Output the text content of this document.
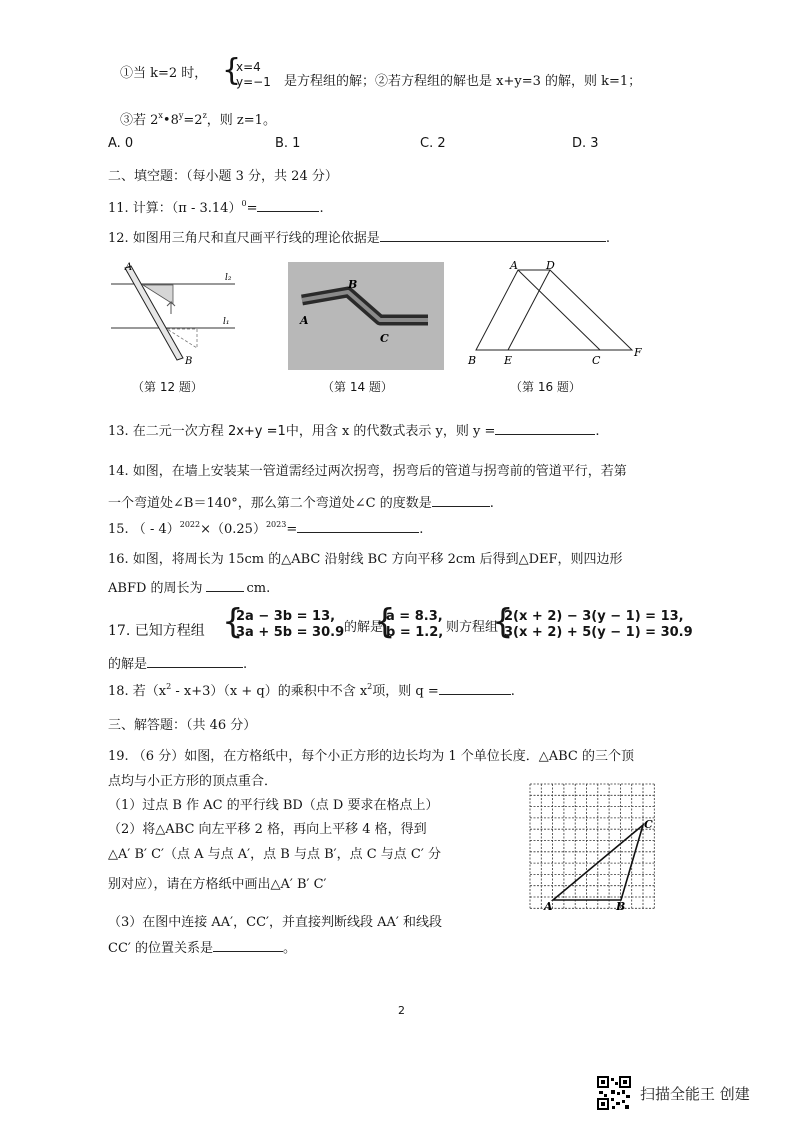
①当 k=2 时， {
x=4
y=−1 是方程组的解；②若方程组的解也是 x+y=3 的解，则 k=1；
③若 $2^x•8^y=2^z$，则 z=1。
A. 0	B. 1	C. 2	D. 3
二、填空题：（每小题 3 分，共 24 分）
11. 计算：（π - 3.14）$^0$=	.
12. 如图用三角尺和直尺画平行线的理论依据是	.
A
l₂
l₁
B
（第 12 题）
A
B
C
（第 14 题）
A	D
B	E	C
F
（第 16 题）
13. 在二元一次方程 2x+y =1中，用含 x 的代数式表示 y，则 y =	.
14. 如图，在墙上安装某一管道需经过两次拐弯，拐弯后的管道与拐弯前的管道平行，若第
一个弯道处∠B＝140°，那么第二个弯道处∠C 的度数是	.
15. （ - $4)^{2022}\times(0.25)^{2023}=$	.
16. 如图，将周长为 15cm 的△ABC 沿射线 BC 方向平移 2cm 后得到△DEF，则四边形
ABFD 的周长为	cm.
17. 已知方程组 {
2a − 3b = 13,
3a + 5b = 30.9 的解是
{
a = 8.3,
b = 1.2, 则方程组
{
2(x + 2) − 3(y − 1) = 13,
3(x + 2) + 5(y − 1) = 30.9
的解是	.
18. 若$(x^2 - x+3)(x + q)$的乘积中不含 $x^2$项，则 q =	.
三、解答题：（共 46 分）
19. （6 分）如图，在方格纸中，每个小正方形的边长均为 1 个单位长度．△ABC 的三个顶
点均与小正方形的顶点重合．
（1）过点 B 作 AC 的平行线 BD（点 D 要求在格点上）
（2）将△ABC 向左平移 2 格，再向上平移 4 格，得到
△A′ B′ C′（点 A 与点 A′，点 B 与点 B′，点 C 与点 C′ 分
别对应），请在方格纸中画出△A′ B′ C′
（3）在图中连接 AA′，CC′，并直接判断线段 AA′ 和线段
CC′ 的位置关系是	。
A	B
C
2
扫描全能王 创建
